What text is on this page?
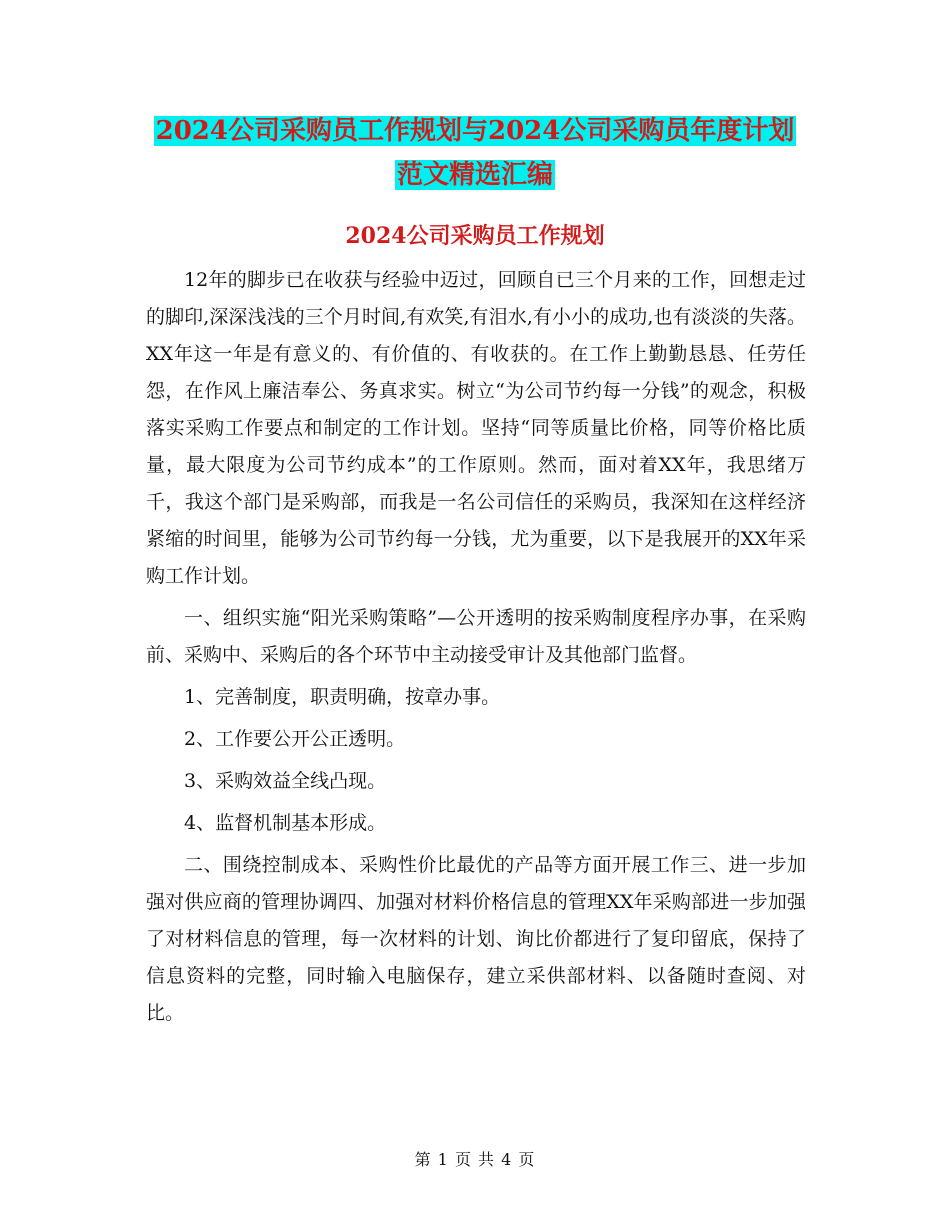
2024公司采购员工作规划与2024公司采购员年度计划
范文精选汇编
2024公司采购员工作规划

12年的脚步已在收获与经验中迈过，回顾自已三个月来的工作，回想走过的脚印,深深浅浅的三个月时间,有欢笑,有泪水,有小小的成功,也有淡淡的失落。XX年这一年是有意义的、有价值的、有收获的。在工作上勤勤恳恳、任劳任怨，在作风上廉洁奉公、务真求实。树立“为公司节约每一分钱”的观念，积极落实采购工作要点和制定的工作计划。坚持“同等质量比价格，同等价格比质量，最大限度为公司节约成本”的工作原则。然而，面对着XX年，我思绪万千，我这个部门是采购部，而我是一名公司信任的采购员，我深知在这样经济紧缩的时间里，能够为公司节约每一分钱，尤为重要，以下是我展开的XX年采购工作计划。

一、组织实施“阳光采购策略”—公开透明的按采购制度程序办事，在采购前、采购中、采购后的各个环节中主动接受审计及其他部门监督。

1、完善制度，职责明确，按章办事。

2、工作要公开公正透明。

3、采购效益全线凸现。

4、监督机制基本形成。

二、围绕控制成本、采购性价比最优的产品等方面开展工作三、进一步加强对供应商的管理协调四、加强对材料价格信息的管理XX年采购部进一步加强了对材料信息的管理，每一次材料的计划、询比价都进行了复印留底，保持了信息资料的完整，同时输入电脑保存，建立采供部材料、以备随时查阅、对比。

第 1 页 共 4 页
